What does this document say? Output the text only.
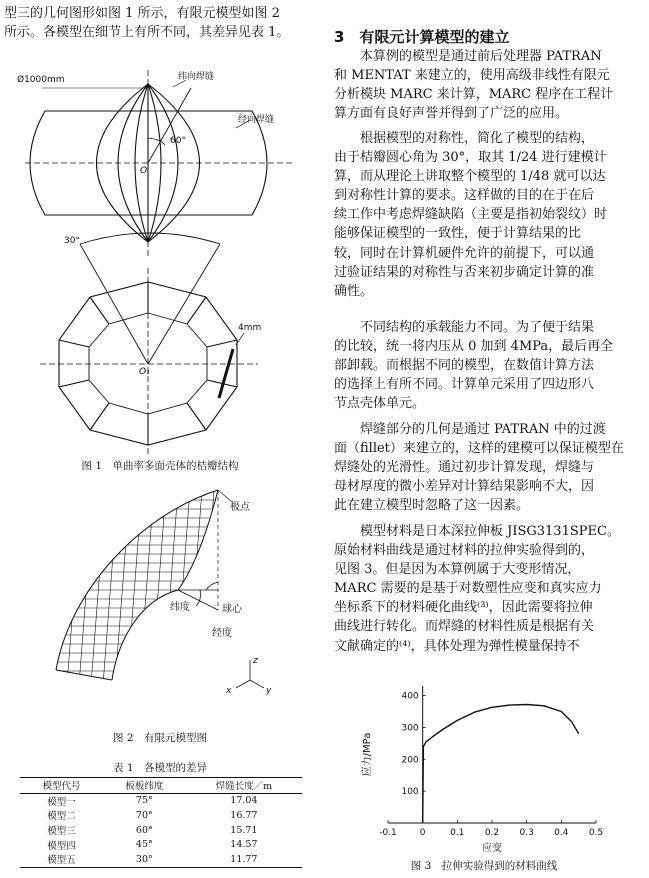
型三的几何图形如图 1 所示，有限元模型如图 2
所示。各模型在细节上有所不同，其差异见表 1。
Ø1000mm	纬向焊缝
经向焊缝
60°
O
30°
4mm
O₁
图 1　单曲率多面壳体的桔瓣结构
极点
纬度	球心
经度
z
x	y
图 2　有限元模型图
表 1　各模型的差异
模型代号	板板纬度	焊缝长度／m
模型一	75°	17.04
模型二	70°	16.77
模型三	60°	15.71
模型四	45°	14.57
模型五	30°	11.77
3　有限元计算模型的建立
本算例的模型是通过前后处理器 PATRAN
和 MENTAT 来建立的，使用高级非线性有限元
分析模块 MARC 来计算，MARC 程序在工程计
算方面有良好声誉并得到了广泛的应用。
根据模型的对称性，简化了模型的结构，
由于桔瓣圆心角为 30°，取其 1/24 进行建模计
算，而从理论上讲取整个模型的 1/48 就可以达
到对称性计算的要求。这样做的目的在于在后
续工作中考虑焊缝缺陷（主要是指初始裂纹）时
能够保证模型的一致性，便于计算结果的比
较，同时在计算机硬件允许的前提下，可以通
过验证结果的对称性与否来初步确定计算的准
确性。
不同结构的承载能力不同。为了便于结果
的比较，统一将内压从 0 加到 4MPa，最后再全
部卸载。而根据不同的模型，在数值计算方法
的选择上有所不同。计算单元采用了四边形八
节点壳体单元。
焊缝部分的几何是通过 PATRAN 中的过渡
面（fillet）来建立的，这样的建模可以保证模型在
焊缝处的光滑性。通过初步计算发现，焊缝与
母材厚度的微小差异对计算结果影响不大，因
此在建立模型时忽略了这一因素。
模型材料是日本深拉伸板 JISG3131SPEC。
原始材料曲线是通过材料的拉伸实验得到的，
见图 3。但是因为本算例属于大变形情况，
MARC 需要的是基于对数塑性应变和真实应力
坐标系下的材料硬化曲线⁽³⁾，因此需要将拉伸
曲线进行转化。而焊缝的材料性质是根据有关
文献确定的⁽⁴⁾，具体处理为弹性模量保持不
-0.1	0	0.1 0.2 0.3 0.4 0.5
100
200
300
400
应变
应力/MPa
图 3　拉伸实验得到的材料曲线
